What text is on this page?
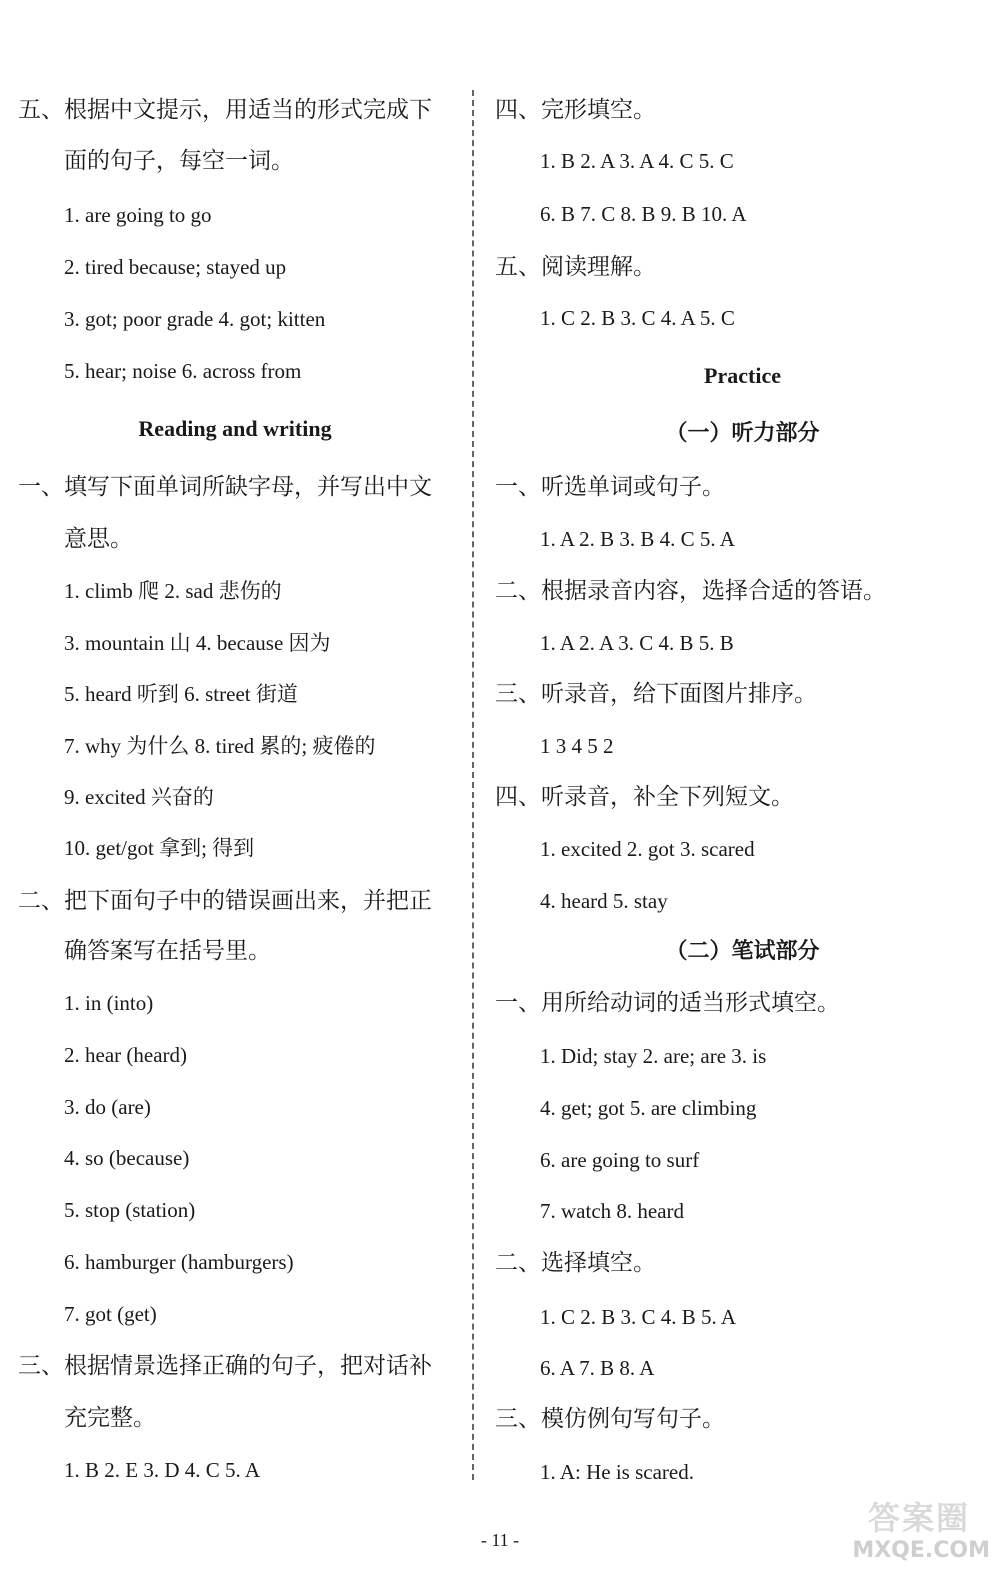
五、根据中文提示，用适当的形式完成下
面的句子，每空一词。
1. are going to go
2. tired because; stayed up
3. got; poor grade 4. got; kitten
5. hear; noise 6. across from
Reading and writing
一、填写下面单词所缺字母，并写出中文
意思。
1. climb 爬 2. sad 悲伤的
3. mountain 山 4. because 因为
5. heard 听到 6. street 街道
7. why 为什么 8. tired 累的; 疲倦的
9. excited 兴奋的
10. get/got 拿到; 得到
二、把下面句子中的错误画出来，并把正
确答案写在括号里。
1. in (into)
2. hear (heard)
3. do (are)
4. so (because)
5. stop (station)
6. hamburger (hamburgers)
7. got (get)
三、根据情景选择正确的句子，把对话补
充完整。
1. B 2. E 3. D 4. C 5. A
四、完形填空。
1. B 2. A 3. A 4. C 5. C
6. B 7. C 8. B 9. B 10. A
五、阅读理解。
1. C 2. B 3. C 4. A 5. C
Practice
（一）听力部分
一、听选单词或句子。
1. A 2. B 3. B 4. C 5. A
二、根据录音内容，选择合适的答语。
1. A 2. A 3. C 4. B 5. B
三、听录音，给下面图片排序。
1 3 4 5 2
四、听录音，补全下列短文。
1. excited 2. got 3. scared
4. heard 5. stay
（二）笔试部分
一、用所给动词的适当形式填空。
1. Did; stay 2. are; are 3. is
4. get; got 5. are climbing
6. are going to surf
7. watch 8. heard
二、选择填空。
1. C 2. B 3. C 4. B 5. A
6. A 7. B 8. A
三、模仿例句写句子。
1. A: He is scared.
- 11 -
答案圈
MXQE.COM
